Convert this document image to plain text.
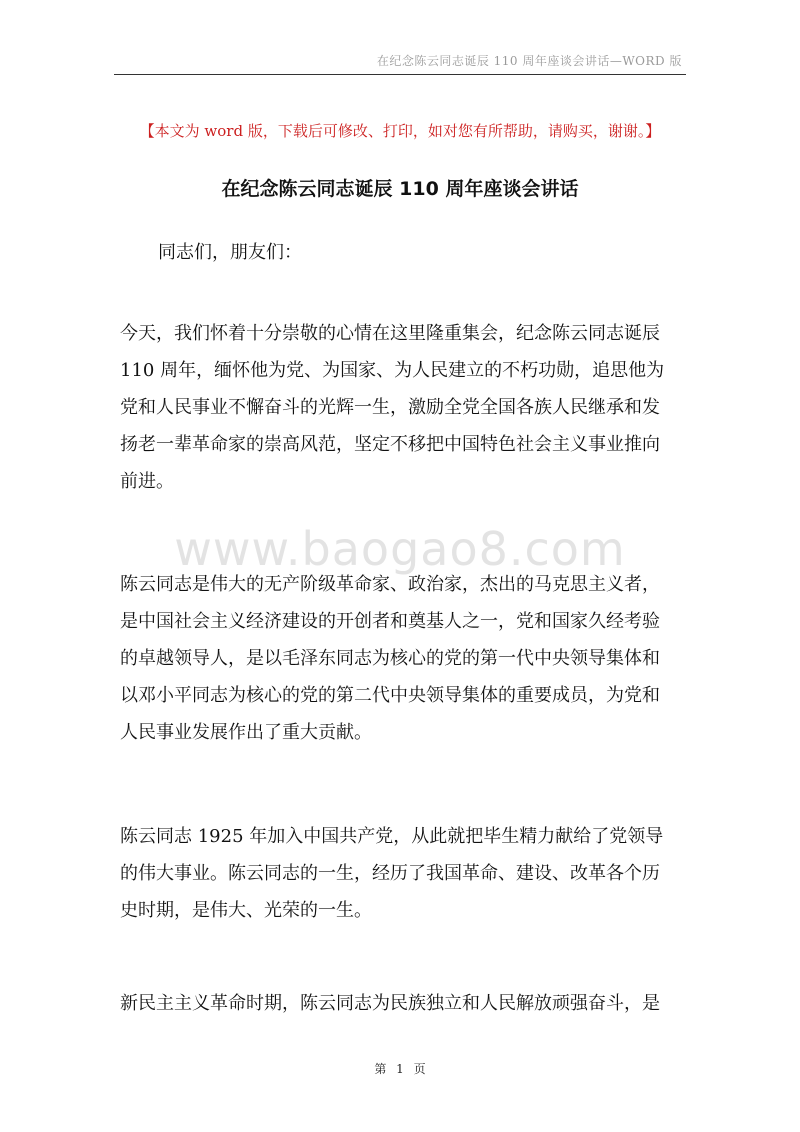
在纪念陈云同志诞辰 110 周年座谈会讲话—WORD 版
【本文为 word 版，下载后可修改、打印，如对您有所帮助，请购买，谢谢。】
在纪念陈云同志诞辰 110 周年座谈会讲话
同志们，朋友们：
今天，我们怀着十分崇敬的心情在这里隆重集会，纪念陈云同志诞辰
110 周年，缅怀他为党、为国家、为人民建立的不朽功勋，追思他为
党和人民事业不懈奋斗的光辉一生，激励全党全国各族人民继承和发
扬老一辈革命家的崇高风范，坚定不移把中国特色社会主义事业推向
前进。
www.baogao8.com
陈云同志是伟大的无产阶级革命家、政治家，杰出的马克思主义者，
是中国社会主义经济建设的开创者和奠基人之一，党和国家久经考验
的卓越领导人，是以毛泽东同志为核心的党的第一代中央领导集体和
以邓小平同志为核心的党的第二代中央领导集体的重要成员，为党和
人民事业发展作出了重大贡献。
陈云同志 1925 年加入中国共产党，从此就把毕生精力献给了党领导
的伟大事业。陈云同志的一生，经历了我国革命、建设、改革各个历
史时期，是伟大、光荣的一生。
新民主主义革命时期，陈云同志为民族独立和人民解放顽强奋斗，是
第 1 页
